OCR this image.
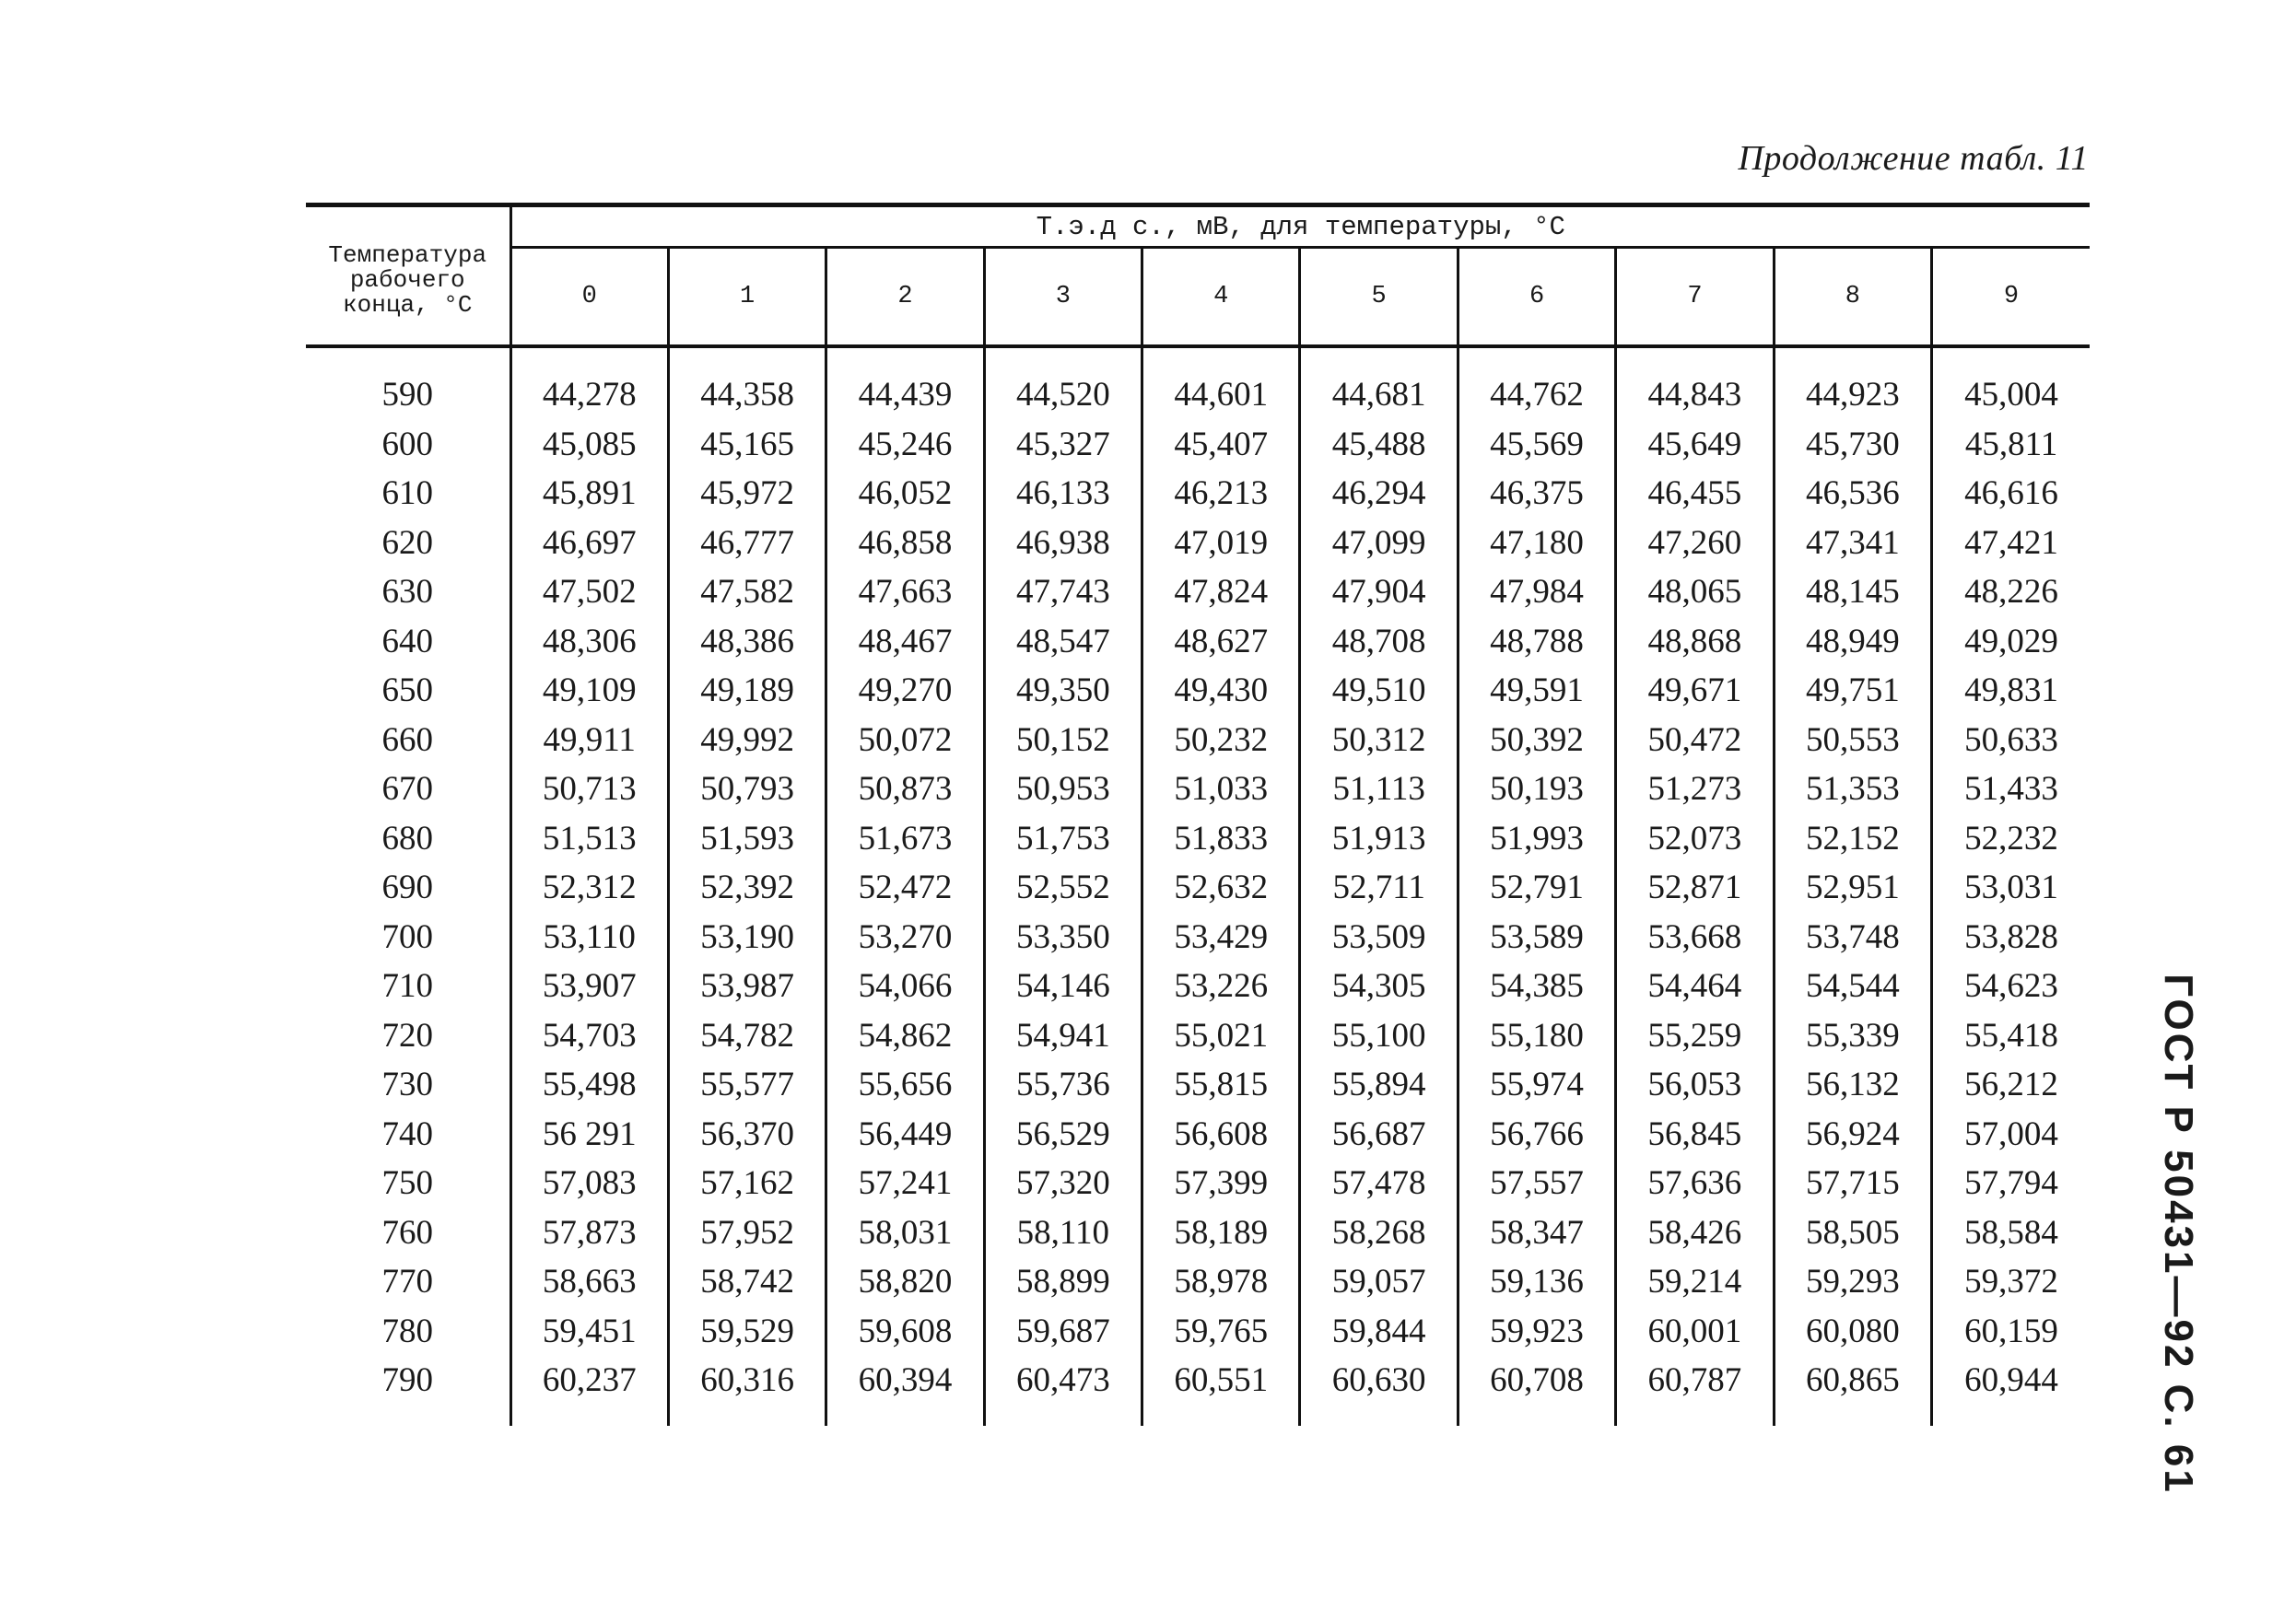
Продолжение табл. 11
Температура
рабочего
конца, °C	Т.э.д с., мВ, для температуры, °C									
	0	1	2	3	4	5	6	7	8	9
590	44,278	44,358	44,439	44,520	44,601	44,681	44,762	44,843	44,923	45,004
600	45,085	45,165	45,246	45,327	45,407	45,488	45,569	45,649	45,730	45,811
610	45,891	45,972	46,052	46,133	46,213	46,294	46,375	46,455	46,536	46,616
620	46,697	46,777	46,858	46,938	47,019	47,099	47,180	47,260	47,341	47,421
630	47,502	47,582	47,663	47,743	47,824	47,904	47,984	48,065	48,145	48,226
640	48,306	48,386	48,467	48,547	48,627	48,708	48,788	48,868	48,949	49,029
650	49,109	49,189	49,270	49,350	49,430	49,510	49,591	49,671	49,751	49,831
660	49,911	49,992	50,072	50,152	50,232	50,312	50,392	50,472	50,553	50,633
670	50,713	50,793	50,873	50,953	51,033	51,113	50,193	51,273	51,353	51,433
680	51,513	51,593	51,673	51,753	51,833	51,913	51,993	52,073	52,152	52,232
690	52,312	52,392	52,472	52,552	52,632	52,711	52,791	52,871	52,951	53,031
700	53,110	53,190	53,270	53,350	53,429	53,509	53,589	53,668	53,748	53,828
710	53,907	53,987	54,066	54,146	53,226	54,305	54,385	54,464	54,544	54,623
720	54,703	54,782	54,862	54,941	55,021	55,100	55,180	55,259	55,339	55,418
730	55,498	55,577	55,656	55,736	55,815	55,894	55,974	56,053	56,132	56,212
740	56 291	56,370	56,449	56,529	56,608	56,687	56,766	56,845	56,924	57,004
750	57,083	57,162	57,241	57,320	57,399	57,478	57,557	57,636	57,715	57,794
760	57,873	57,952	58,031	58,110	58,189	58,268	58,347	58,426	58,505	58,584
770	58,663	58,742	58,820	58,899	58,978	59,057	59,136	59,214	59,293	59,372
780	59,451	59,529	59,608	59,687	59,765	59,844	59,923	60,001	60,080	60,159
790	60,237	60,316	60,394	60,473	60,551	60,630	60,708	60,787	60,865	60,944 ГОСТ Р 50431—92 С. 61
